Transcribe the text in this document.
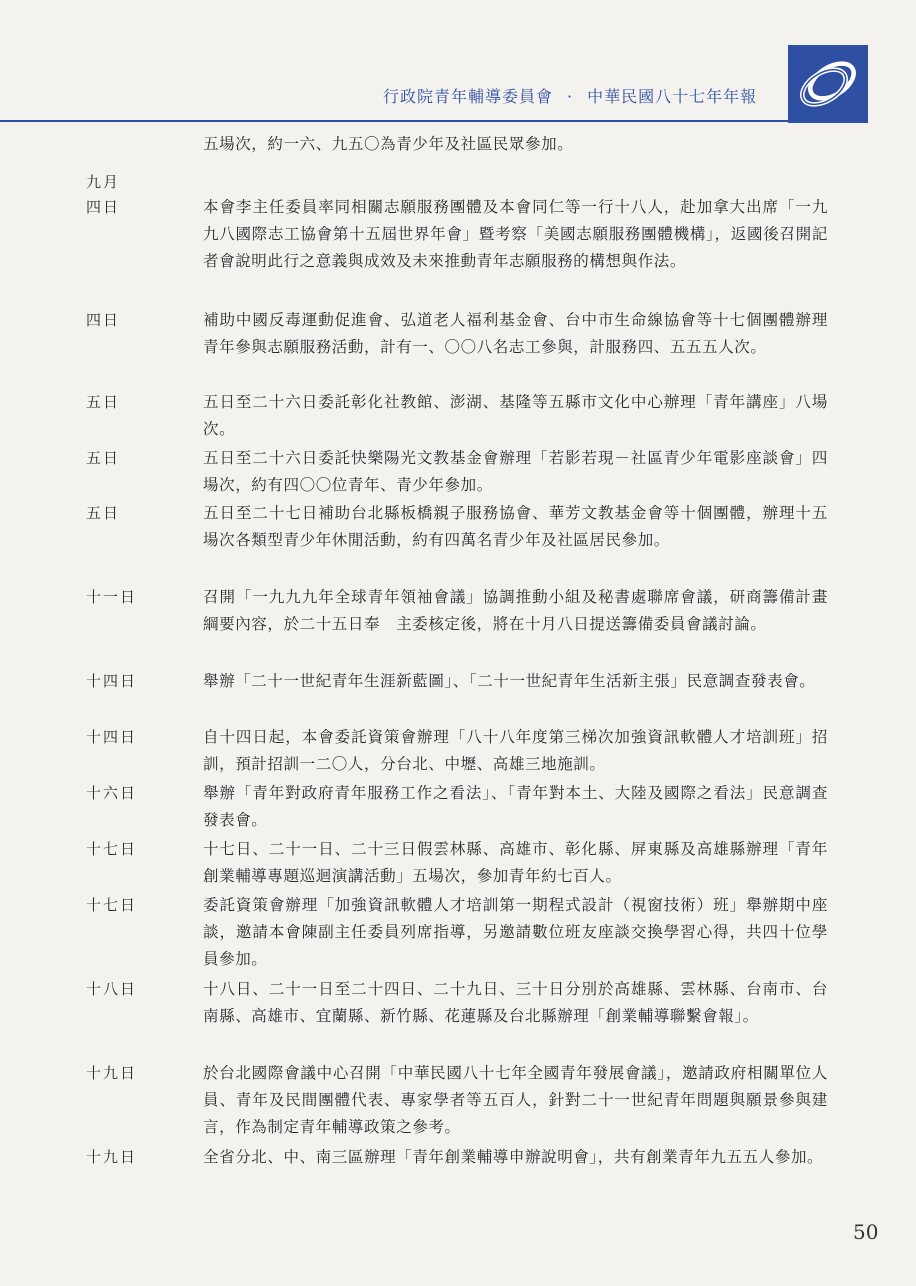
行政院青年輔導委員會 · 中華民國八十七年年報
五場次，約一六、九五〇為青少年及社區民眾參加。
九月
四日	本會李主任委員率同相關志願服務團體及本會同仁等一行十八人，赴加拿大出席「一九九八國際志工協會第十五屆世界年會」暨考察「美國志願服務團體機構」，返國後召開記者會說明此行之意義與成效及未來推動青年志願服務的構想與作法。
四日	補助中國反毒運動促進會、弘道老人福利基金會、台中市生命線協會等十七個團體辦理青年參與志願服務活動，計有一、〇〇八名志工參與，計服務四、五五五人次。
五日	五日至二十六日委託彰化社教館、澎湖、基隆等五縣市文化中心辦理「青年講座」八場次。
五日	五日至二十六日委託快樂陽光文教基金會辦理「若影若現－社區青少年電影座談會」四場次，約有四〇〇位青年、青少年參加。
五日	五日至二十七日補助台北縣板橋親子服務協會、華芳文教基金會等十個團體，辦理十五場次各類型青少年休閒活動，約有四萬名青少年及社區居民參加。
十一日	召開「一九九九年全球青年領袖會議」協調推動小組及秘書處聯席會議，研商籌備計畫綱要內容，於二十五日奉　主委核定後，將在十月八日提送籌備委員會議討論。
十四日	舉辦「二十一世紀青年生涯新藍圖」、「二十一世紀青年生活新主張」民意調查發表會。
十四日	自十四日起，本會委託資策會辦理「八十八年度第三梯次加強資訊軟體人才培訓班」招訓，預計招訓一二〇人，分台北、中壢、高雄三地施訓。
十六日	舉辦「青年對政府青年服務工作之看法」、「青年對本土、大陸及國際之看法」民意調查發表會。
十七日	十七日、二十一日、二十三日假雲林縣、高雄市、彰化縣、屏東縣及高雄縣辦理「青年創業輔導專題巡迴演講活動」五場次，參加青年約七百人。
十七日	委託資策會辦理「加強資訊軟體人才培訓第一期程式設計（視窗技術）班」舉辦期中座談，邀請本會陳副主任委員列席指導，另邀請數位班友座談交換學習心得，共四十位學員參加。
十八日	十八日、二十一日至二十四日、二十九日、三十日分別於高雄縣、雲林縣、台南市、台南縣、高雄市、宜蘭縣、新竹縣、花蓮縣及台北縣辦理「創業輔導聯繫會報」。
十九日	於台北國際會議中心召開「中華民國八十七年全國青年發展會議」，邀請政府相關單位人員、青年及民間團體代表、專家學者等五百人，針對二十一世紀青年問題與願景參與建言，作為制定青年輔導政策之參考。
十九日	全省分北、中、南三區辦理「青年創業輔導申辦說明會」，共有創業青年九五五人參加。
50
